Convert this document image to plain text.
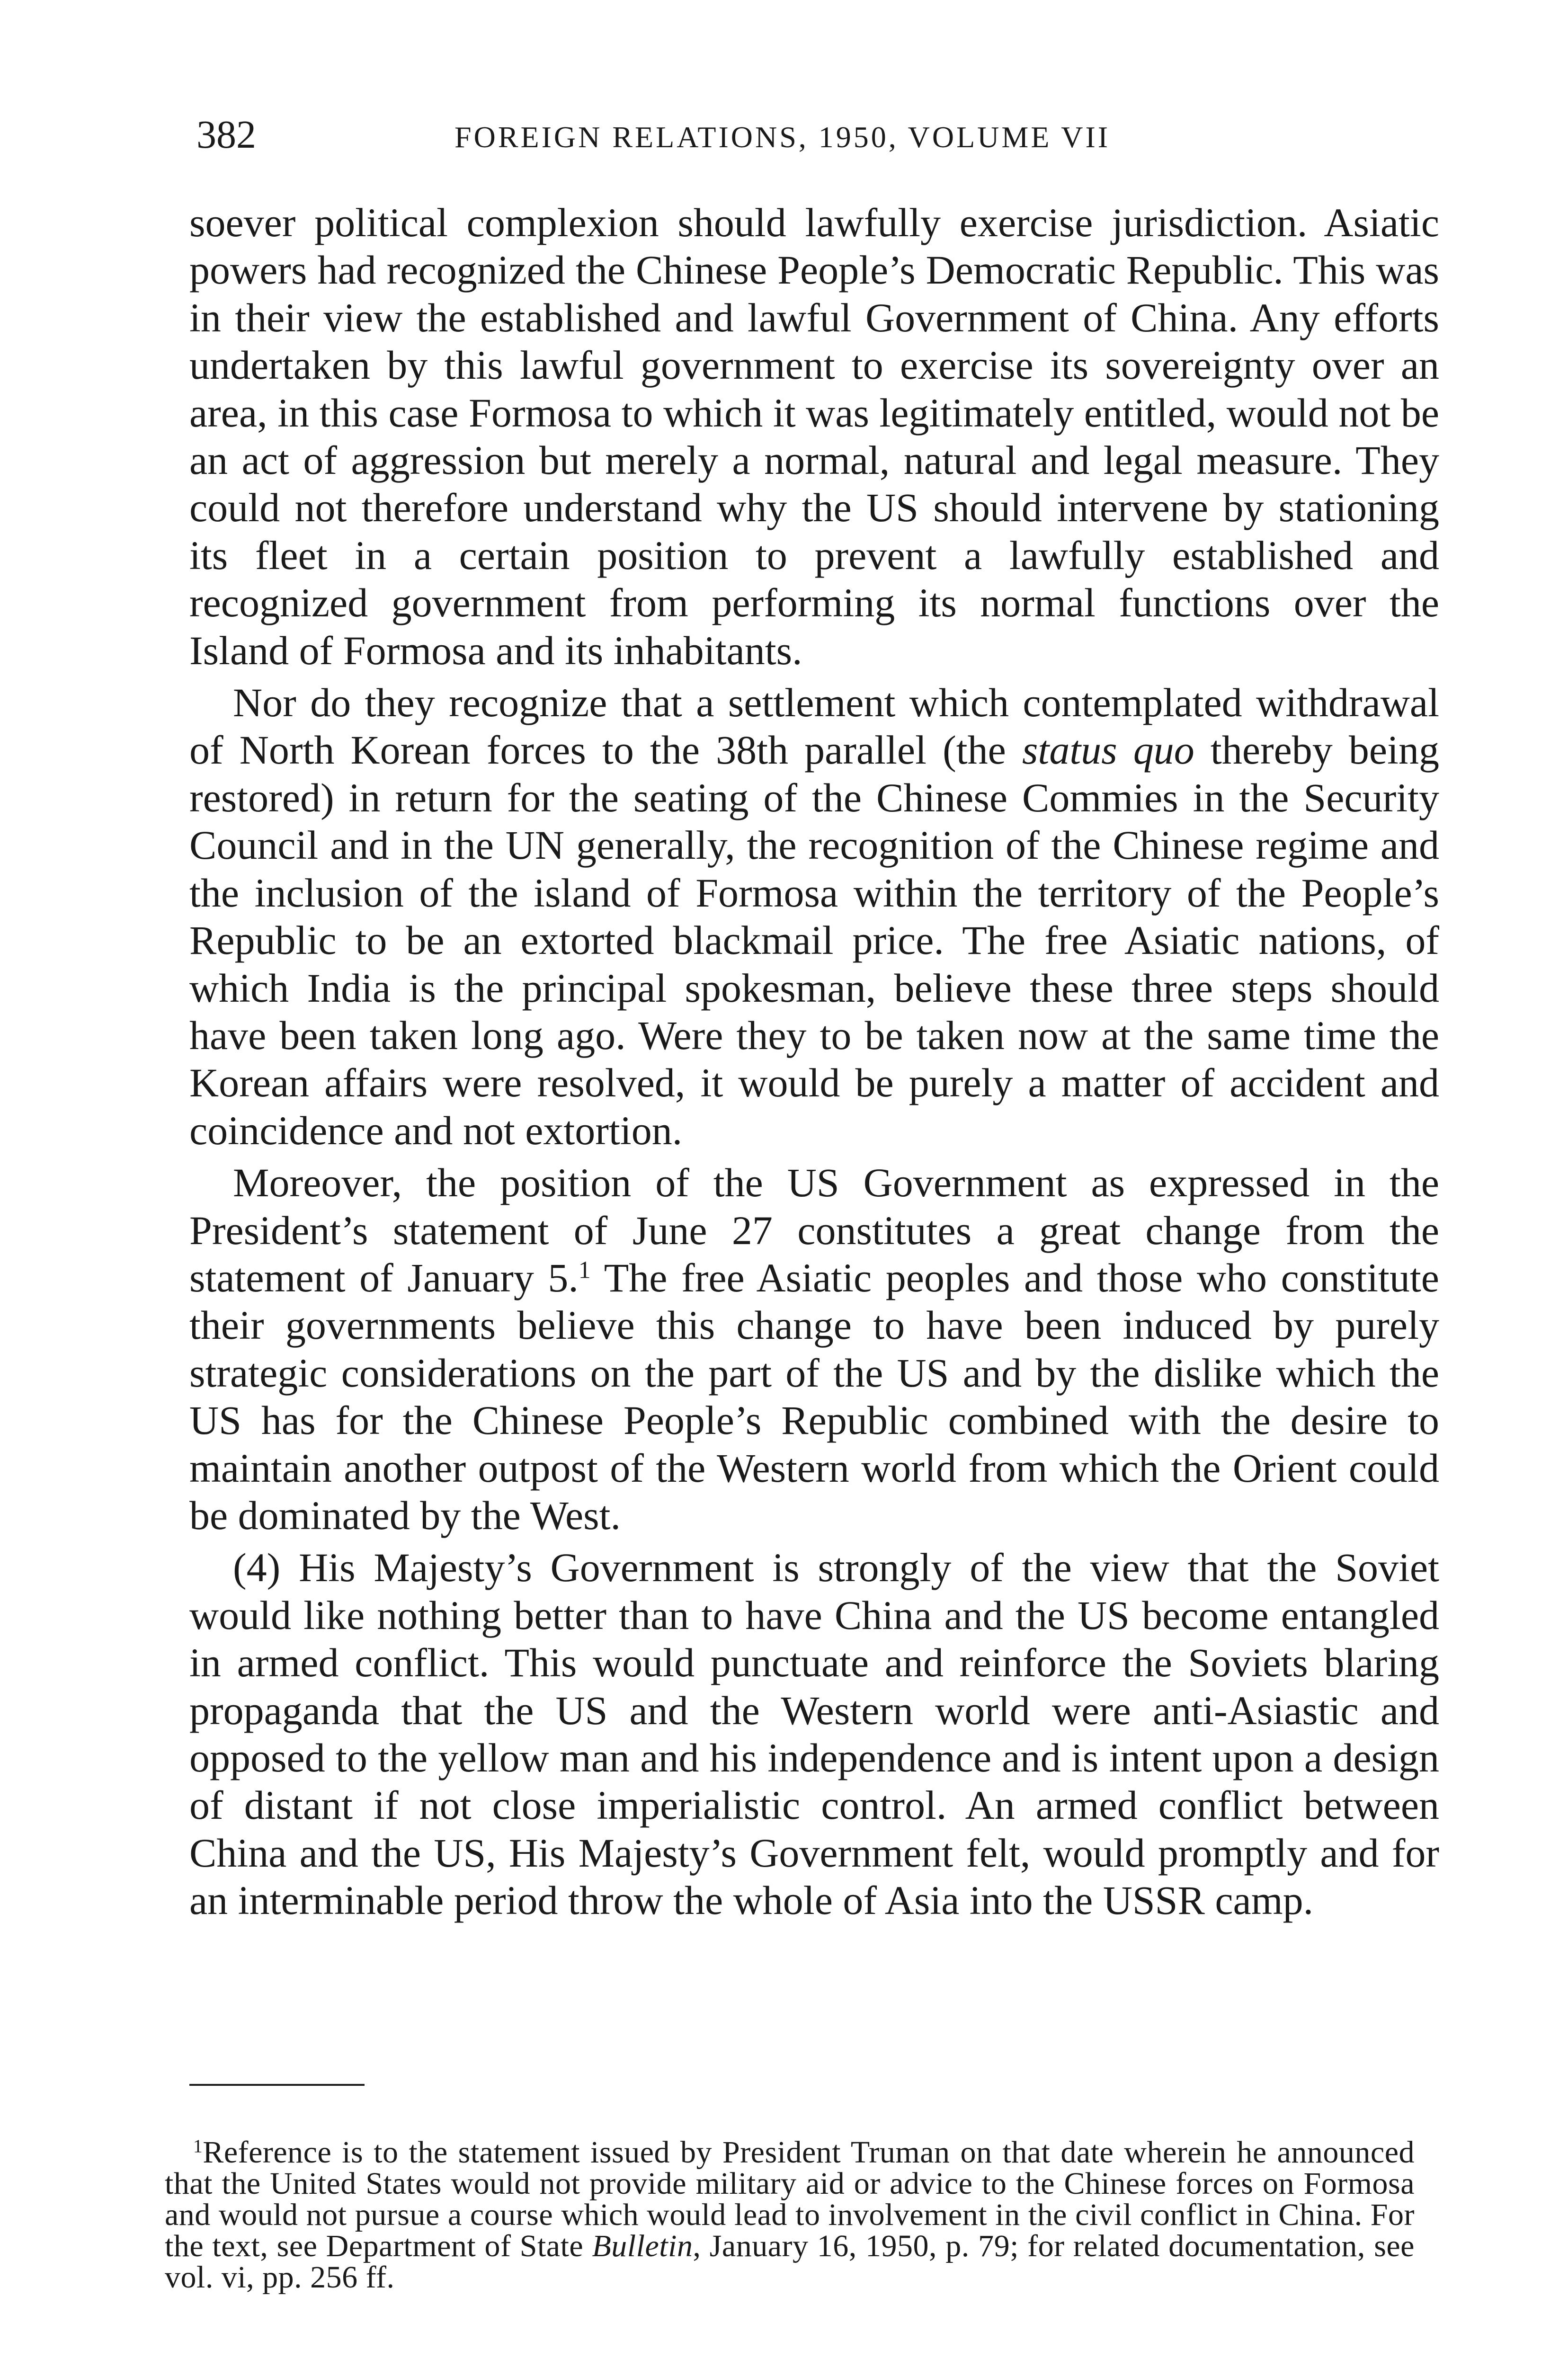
382	FOREIGN RELATIONS, 1950, VOLUME VII

soever political complexion should lawfully exercise jurisdiction. Asiatic powers had recognized the Chinese People’s Democratic Republic. This was in their view the established and lawful Government of China. Any efforts undertaken by this lawful government to exercise its sovereignty over an area, in this case Formosa to which it was legitimately entitled, would not be an act of aggression but merely a normal, natural and legal measure. They could not therefore understand why the US should intervene by stationing its fleet in a certain position to prevent a lawfully established and recognized government from performing its normal functions over the Island of Formosa and its inhabitants.

Nor do they recognize that a settlement which contemplated withdrawal of North Korean forces to the 38th parallel (the status quo thereby being restored) in return for the seating of the Chinese Commies in the Security Council and in the UN generally, the recognition of the Chinese regime and the inclusion of the island of Formosa within the territory of the People’s Republic to be an extorted blackmail price. The free Asiatic nations, of which India is the principal spokesman, believe these three steps should have been taken long ago. Were they to be taken now at the same time the Korean affairs were resolved, it would be purely a matter of accident and coincidence and not extortion.

Moreover, the position of the US Government as expressed in the President’s statement of June 27 constitutes a great change from the statement of January 5.$^1$ The free Asiatic peoples and those who constitute their governments believe this change to have been induced by purely strategic considerations on the part of the US and by the dislike which the US has for the Chinese People’s Republic combined with the desire to maintain another outpost of the Western world from which the Orient could be dominated by the West.

(4) His Majesty’s Government is strongly of the view that the Soviet would like nothing better than to have China and the US become entangled in armed conflict. This would punctuate and reinforce the Soviets blaring propaganda that the US and the Western world were anti-Asiastic and opposed to the yellow man and his independence and is intent upon a design of distant if not close imperialistic control. An armed conflict between China and the US, His Majesty’s Government felt, would promptly and for an interminable period throw the whole of Asia into the USSR camp.

$^1$Reference is to the statement issued by President Truman on that date wherein he announced that the United States would not provide military aid or advice to the Chinese forces on Formosa and would not pursue a course which would lead to involvement in the civil conflict in China. For the text, see Department of State Bulletin, January 16, 1950, p. 79; for related documentation, see vol. vi, pp. 256 ff.
